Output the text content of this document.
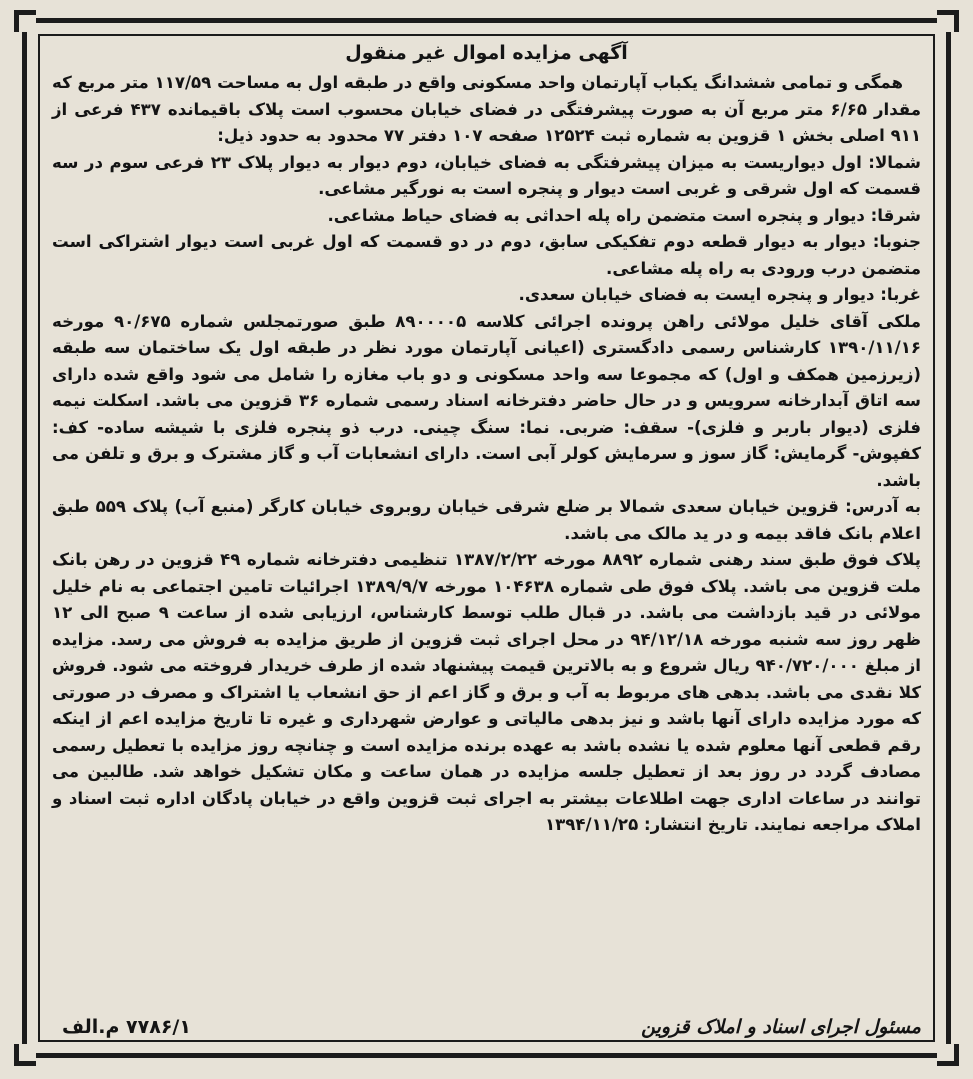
آگهی مزایده اموال غیر منقول

همگی و تمامی ششدانگ یکباب آپارتمان واحد مسکونی واقع در طبقه اول به مساحت ۱۱۷/۵۹ متر مربع که مقدار ۶/۶۵ متر مربع آن به صورت پیشرفتگی در فضای خیابان محسوب است پلاک باقیمانده ۴۳۷ فرعی از ۹۱۱ اصلی بخش ۱ قزوین به شماره ثبت ۱۲۵۲۴ صفحه ۱۰۷ دفتر ۷۷ محدود به حدود ذیل:

شمالا: اول دیواریست به میزان پیشرفتگی به فضای خیابان، دوم دیوار به دیوار پلاک ۲۳ فرعی سوم در سه قسمت که اول شرقی و غربی است دیوار و پنجره است به نورگیر مشاعی.

شرقا: دیوار و پنجره است متضمن راه پله احداثی به فضای حیاط مشاعی.

جنوبا: دیوار به دیوار قطعه دوم تفکیکی سابق، دوم در دو قسمت که اول غربی است دیوار اشتراکی است متضمن درب ورودی به راه پله مشاعی.

غربا: دیوار و پنجره ایست به فضای خیابان سعدی.

ملکی آقای خلیل مولائی راهن پرونده اجرائی کلاسه ۸۹۰۰۰۰۵ طبق صورتمجلس شماره ۹۰/۶۷۵ مورخه ۱۳۹۰/۱۱/۱۶ کارشناس رسمی دادگستری (اعیانی آپارتمان مورد نظر در طبقه اول یک ساختمان سه طبقه (زیرزمین همکف و اول) که مجموعا سه واحد مسکونی و دو باب مغازه را شامل می شود واقع شده دارای سه اتاق آبدارخانه سرویس و در حال حاضر دفترخانه اسناد رسمی شماره ۳۶ قزوین می باشد. اسکلت نیمه فلزی (دیوار باربر و فلزی)- سقف: ضربی. نما: سنگ چینی. درب ذو پنجره فلزی با شیشه ساده- کف: کفپوش- گرمایش: گاز سوز و سرمایش کولر آبی است. دارای انشعابات آب و گاز مشترک و برق و تلفن می باشد.

به آدرس: قزوین خیابان سعدی شمالا بر ضلع شرقی خیابان روبروی خیابان کارگر (منبع آب) پلاک ۵۵۹ طبق اعلام بانک فاقد بیمه و در ید مالک می باشد.

پلاک فوق طبق سند رهنی شماره ۸۸۹۲ مورخه ۱۳۸۷/۲/۲۲ تنظیمی دفترخانه شماره ۴۹ قزوین در رهن بانک ملت قزوین می باشد. پلاک فوق طی شماره ۱۰۴۶۳۸ مورخه ۱۳۸۹/۹/۷ اجرائیات تامین اجتماعی به نام خلیل مولائی در قید بازداشت می باشد. در قبال طلب توسط کارشناس، ارزیابی شده از ساعت ۹ صبح الی ۱۲ ظهر روز سه شنبه مورخه ۹۴/۱۲/۱۸ در محل اجرای ثبت قزوین از طریق مزایده به فروش می رسد. مزایده از مبلغ ۹۴۰/۷۲۰/۰۰۰ ریال شروع و به بالاترین قیمت پیشنهاد شده از طرف خریدار فروخته می شود. فروش کلا نقدی می باشد. بدهی های مربوط به آب و برق و گاز اعم از حق انشعاب یا اشتراک و مصرف در صورتی که مورد مزایده دارای آنها باشد و نیز بدهی مالیاتی و عوارض شهرداری و غیره تا تاریخ مزایده اعم از اینکه رقم قطعی آنها معلوم شده یا نشده باشد به عهده برنده مزایده است و چنانچه روز مزایده با تعطیل رسمی مصادف گردد در روز بعد از تعطیل جلسه مزایده در همان ساعت و مکان تشکیل خواهد شد. طالبین می توانند در ساعات اداری جهت اطلاعات بیشتر به اجرای ثبت قزوین واقع در خیابان پادگان اداره ثبت اسناد و املاک مراجعه نمایند. تاریخ انتشار: ۱۳۹۴/۱۱/۲۵

مسئول اجرای اسناد و املاک قزوین
۷۷۸۶/۱ م.الف
